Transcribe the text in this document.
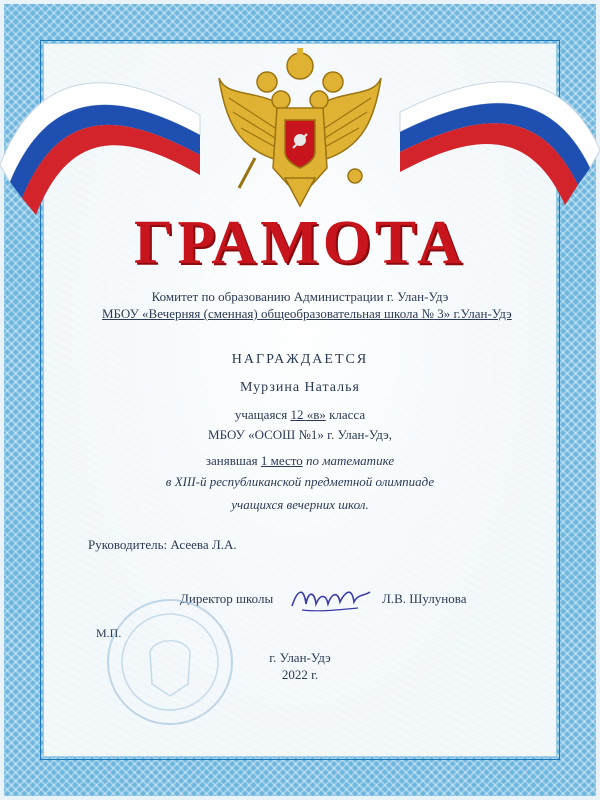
ГРАМОТА
Комитет по образованию Администрации г. Улан-Удэ
МБОУ «Вечерняя (сменная) общеобразовательная школа № 3» г.Улан-Удэ
НАГРАЖДАЕТСЯ
Мурзина Наталья
учащаяся 12 «в» класса
МБОУ «ОСОШ №1» г. Улан-Удэ,
занявшая 1 место по математике
в XIII-й республиканской предметной олимпиаде
учащихся вечерних школ.
Руководитель: Асеева Л.А.
Директор школы	Л.В. Шулунова
М.П.
г. Улан-Удэ
2022 г.
